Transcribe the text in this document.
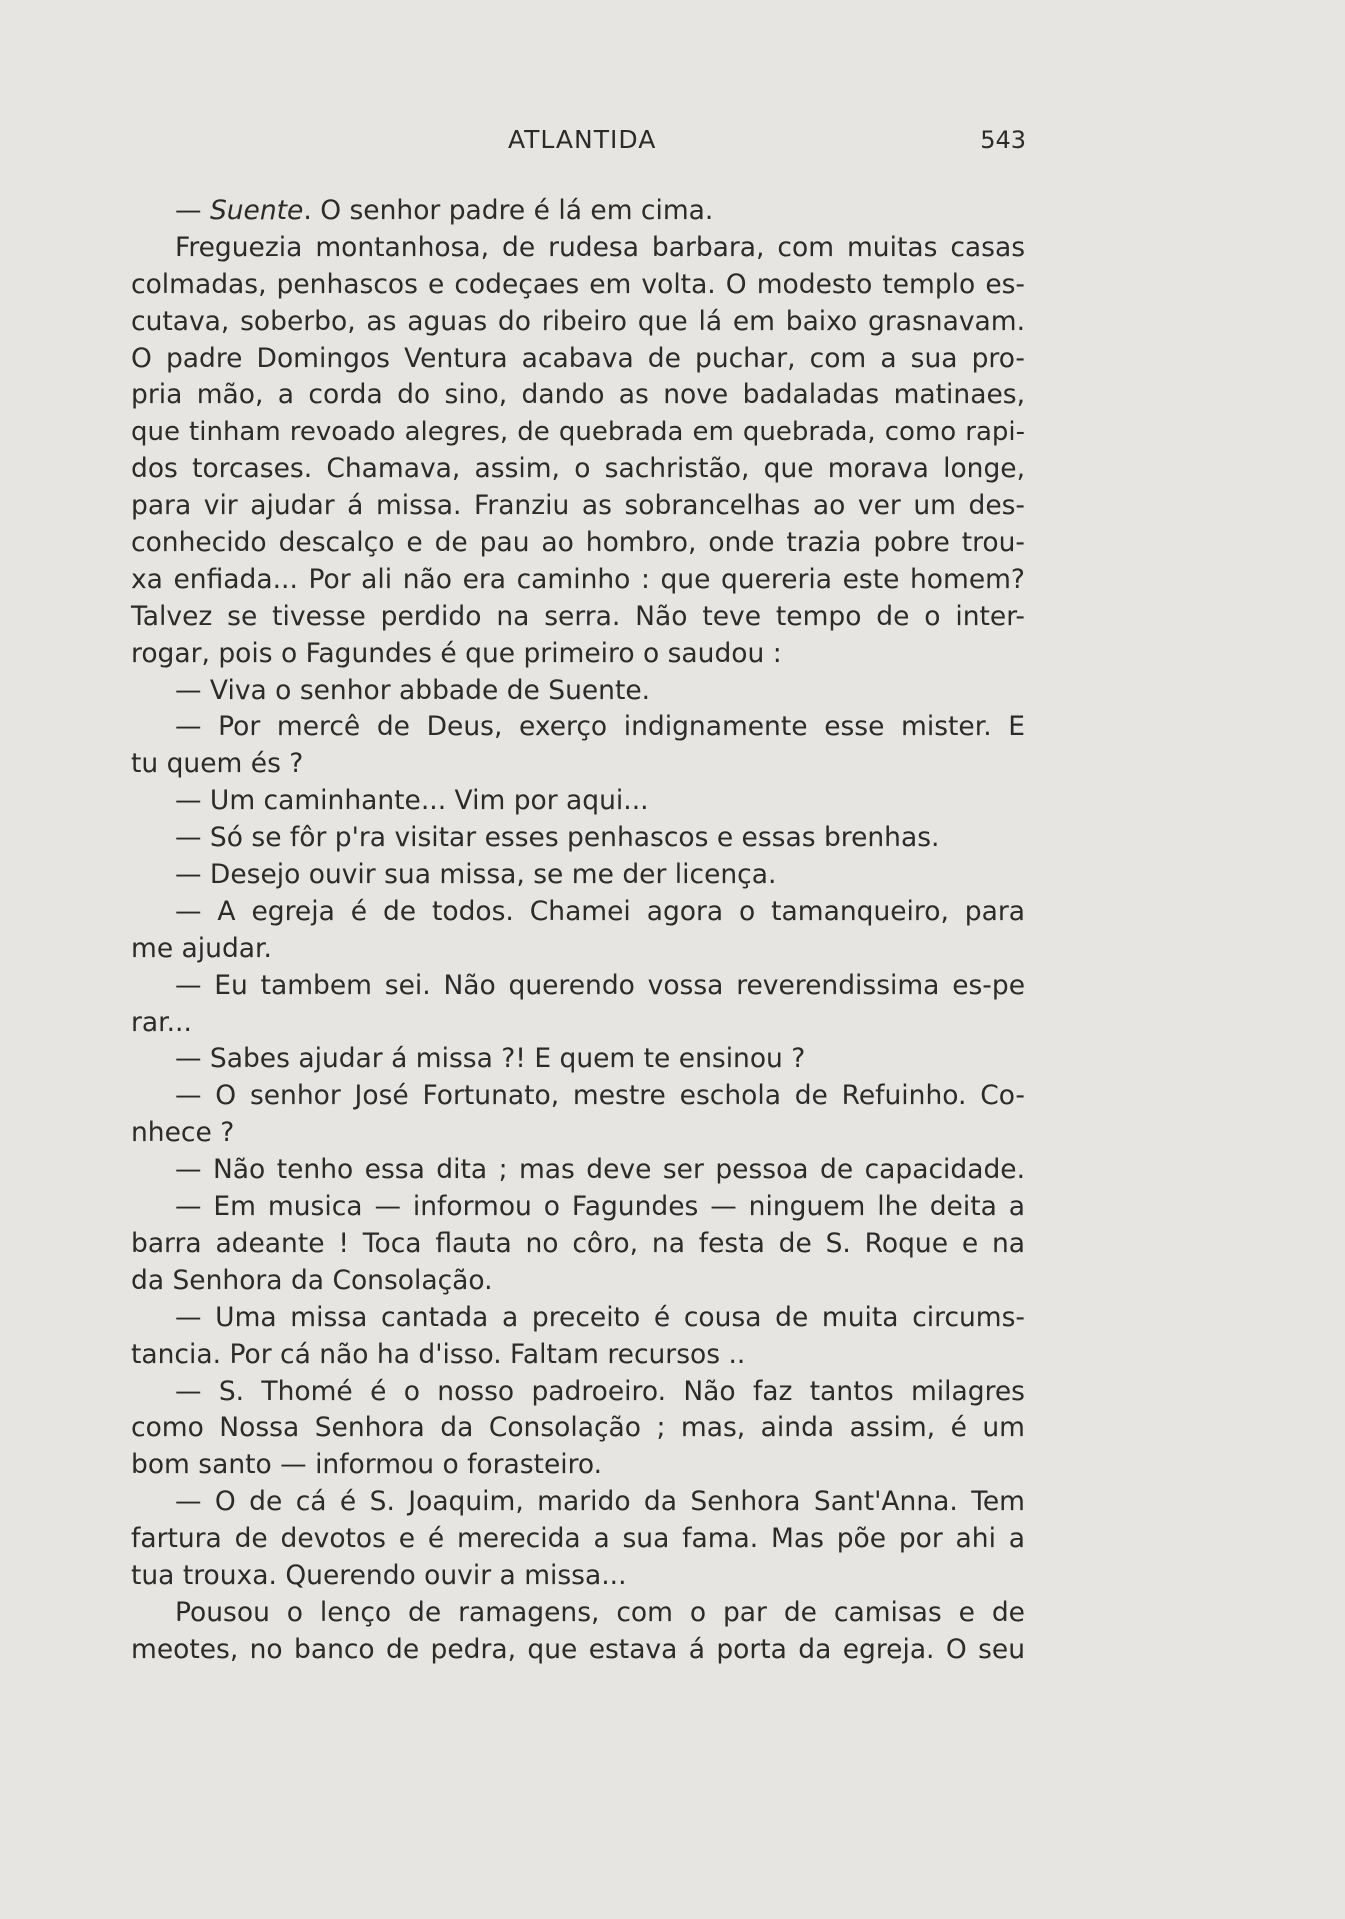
ATLANTIDA	543
— Suente. O senhor padre é lá em cima.
Freguezia montanhosa, de rudesa barbara, com muitas casas
colmadas, penhascos e codeçaes em volta. O modesto templo es-
cutava, soberbo, as aguas do ribeiro que lá em baixo grasnavam.
O padre Domingos Ventura acabava de puchar, com a sua pro-
pria mão, a corda do sino, dando as nove badaladas matinaes,
que tinham revoado alegres, de quebrada em quebrada, como rapi-
dos torcases. Chamava, assim, o sachristão, que morava longe,
para vir ajudar á missa. Franziu as sobrancelhas ao ver um des-
conhecido descalço e de pau ao hombro, onde trazia pobre trou-
xa enfiada... Por ali não era caminho : que quereria este homem?
Talvez se tivesse perdido na serra. Não teve tempo de o inter-
rogar, pois o Fagundes é que primeiro o saudou :
— Viva o senhor abbade de Suente.
— Por mercê de Deus, exerço indignamente esse mister. E
tu quem és ?
— Um caminhante... Vim por aqui...
— Só se fôr p'ra visitar esses penhascos e essas brenhas.
— Desejo ouvir sua missa, se me der licença.
— A egreja é de todos. Chamei agora o tamanqueiro, para
me ajudar.
— Eu tambem sei. Não querendo vossa reverendissima es-pe
rar...
— Sabes ajudar á missa ?! E quem te ensinou ?
— O senhor José Fortunato, mestre eschola de Refuinho. Co-
nhece ?
— Não tenho essa dita ; mas deve ser pessoa de capacidade.
— Em musica — informou o Fagundes — ninguem lhe deita a
barra adeante ! Toca flauta no côro, na festa de S. Roque e na
da Senhora da Consolação.
— Uma missa cantada a preceito é cousa de muita circums-
tancia. Por cá não ha d'isso. Faltam recursos ..
— S. Thomé é o nosso padroeiro. Não faz tantos milagres
como Nossa Senhora da Consolação ; mas, ainda assim, é um
bom santo — informou o forasteiro.
— O de cá é S. Joaquim, marido da Senhora Sant'Anna. Tem
fartura de devotos e é merecida a sua fama. Mas põe por ahi a
tua trouxa. Querendo ouvir a missa...
Pousou o lenço de ramagens, com o par de camisas e de
meotes, no banco de pedra, que estava á porta da egreja. O seu
